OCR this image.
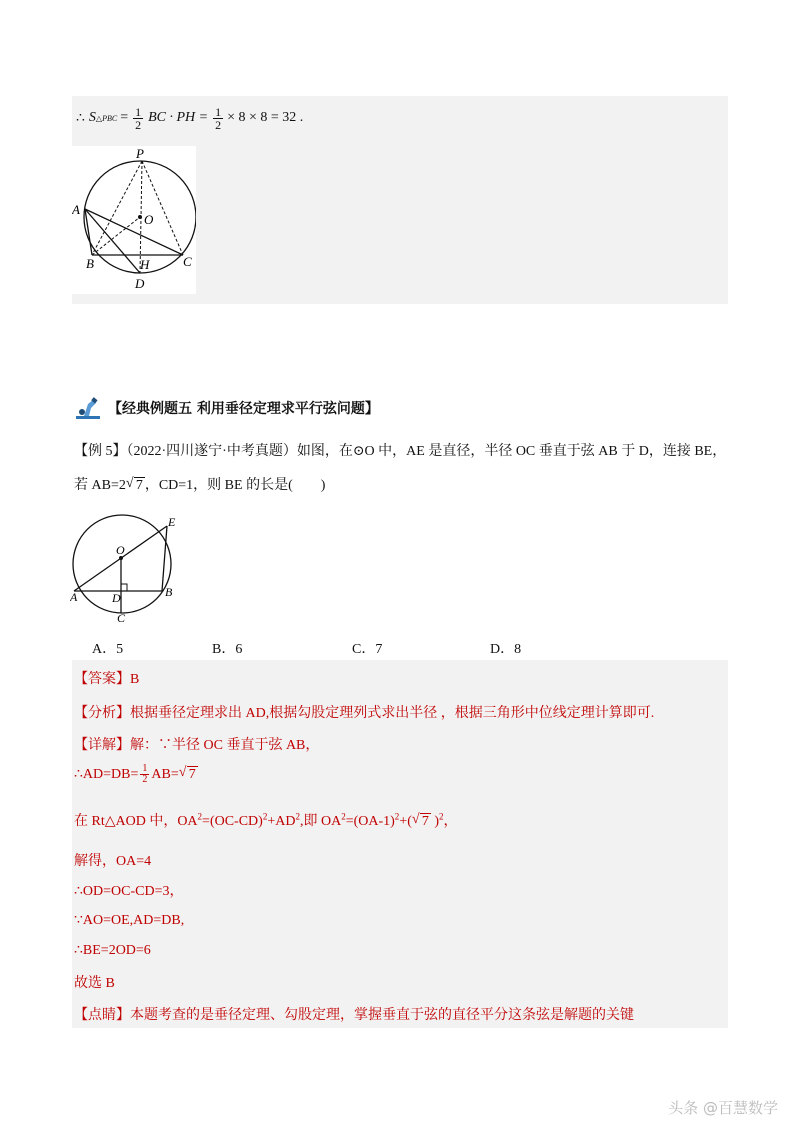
∴ S △PBC = $\frac{1}{2}$ BC · PH = $\frac{1}{2} \times 8 \times 8 = 32$ .
P
O
A
B	H	C
D
【经典例题五 利用垂径定理求平行弦问题】
【例 5】（2022·四川遂宁·中考真题）如图，在⊙O 中，AE 是直径，半径 OC 垂直于弦 AB 于 D，连接 BE，
若 AB=2 √ 7 ，CD=1，则 BE 的长是(　　)
E
O
A	D	B
C
A．5	B．6	C．7	D．8
【答案】B
【分析】根据垂径定理求出 AD,根据勾股定理列式求出半径 ，根据三角形中位线定理计算即可.
【详解】解：∵半径 OC 垂直于弦 AB，
∴AD=DB= $\frac{1}{2} AB=$ √ 7
在 Rt△AOD 中，$OA^2=(OC-CD)^2+AD^2$,即 $OA^2=(OA-1)^2+$( √ 7 )$^2$，
解得，OA=4
∴OD=OC-CD=3，
∵AO=OE,AD=DB,
∴BE=2OD=6
故选 B
【点睛】本题考查的是垂径定理、勾股定理，掌握垂直于弦的直径平分这条弦是解题的关键
头条 @百慧数学
